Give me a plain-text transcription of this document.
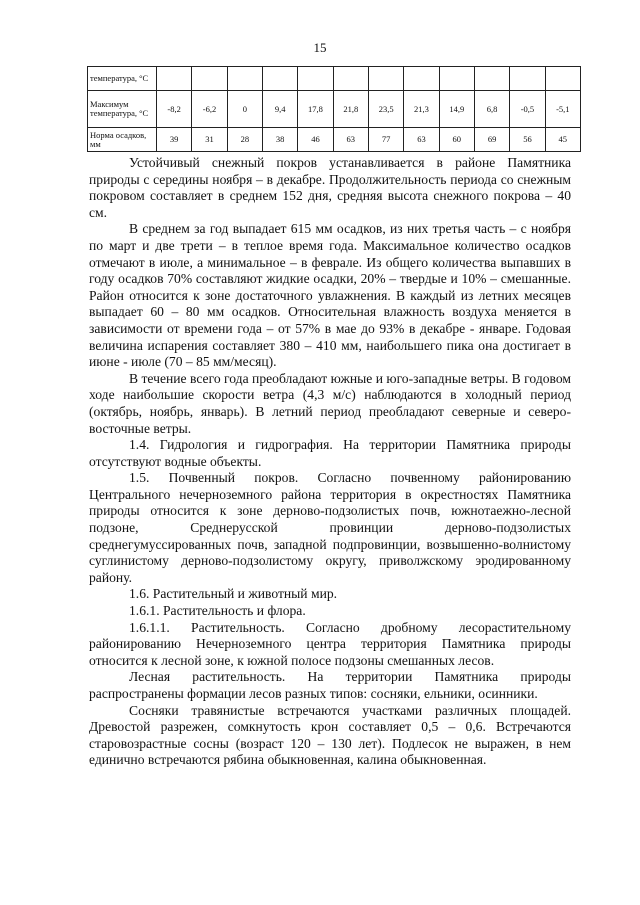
15
температура, °С												
Максимум температура, °С	-8,2	-6,2	0	9,4	17,8	21,8	23,5	21,3	14,9	6,8	-0,5	-5,1
Норма осадков, мм	39	31	28	38	46	63	77	63	60	69	56	45

Устойчивый снежный покров устанавливается в районе Памятника природы с середины ноября – в декабре. Продолжительность периода со снежным покровом составляет в среднем 152 дня, средняя высота снежного покрова – 40 см.

В среднем за год выпадает 615 мм осадков, из них третья часть – с ноября по март и две трети – в теплое время года. Максимальное количество осадков отмечают в июле, а минимальное – в феврале. Из общего количества выпавших в году осадков 70% составляют жидкие осадки, 20% – твердые и 10% – смешанные. Район относится к зоне достаточного увлажнения. В каждый из летних месяцев выпадает 60 – 80 мм осадков. Относительная влажность воздуха меняется в зависимости от времени года – от 57% в мае до 93% в декабре - январе. Годовая величина испарения составляет 380 – 410 мм, наибольшего пика она достигает в июне - июле (70 – 85 мм/месяц).

В течение всего года преобладают южные и юго-западные ветры. В годовом ходе наибольшие скорости ветра (4,3 м/с) наблюдаются в холодный период (октябрь, ноябрь, январь). В летний период преобладают северные и северо-восточные ветры.

1.4. Гидрология и гидрография. На территории Памятника природы отсутствуют водные объекты.

1.5. Почвенный покров. Согласно почвенному районированию Центрального нечерноземного района территория в окрестностях Памятника природы относится к зоне дерново-подзолистых почв, южнотаежно-лесной подзоне, Среднерусской провинции дерново-подзолистых среднегумуссированных почв, западной подпровинции, возвышенно-волнистому суглинистому дерново-подзолистому округу, приволжскому эродированному району.

1.6. Растительный и животный мир.

1.6.1. Растительность и флора.

1.6.1.1. Растительность. Согласно дробному лесорастительному районированию Нечерноземного центра территория Памятника природы относится к лесной зоне, к южной полосе подзоны смешанных лесов.

Лесная растительность. На территории Памятника природы распространены формации лесов разных типов: сосняки, ельники, осинники.

Сосняки травянистые встречаются участками различных площадей. Древостой разрежен, сомкнутость крон составляет 0,5 – 0,6. Встречаются старовозрастные сосны (возраст 120 – 130 лет). Подлесок не выражен, в нем единично встречаются рябина обыкновенная, калина обыкновенная.
